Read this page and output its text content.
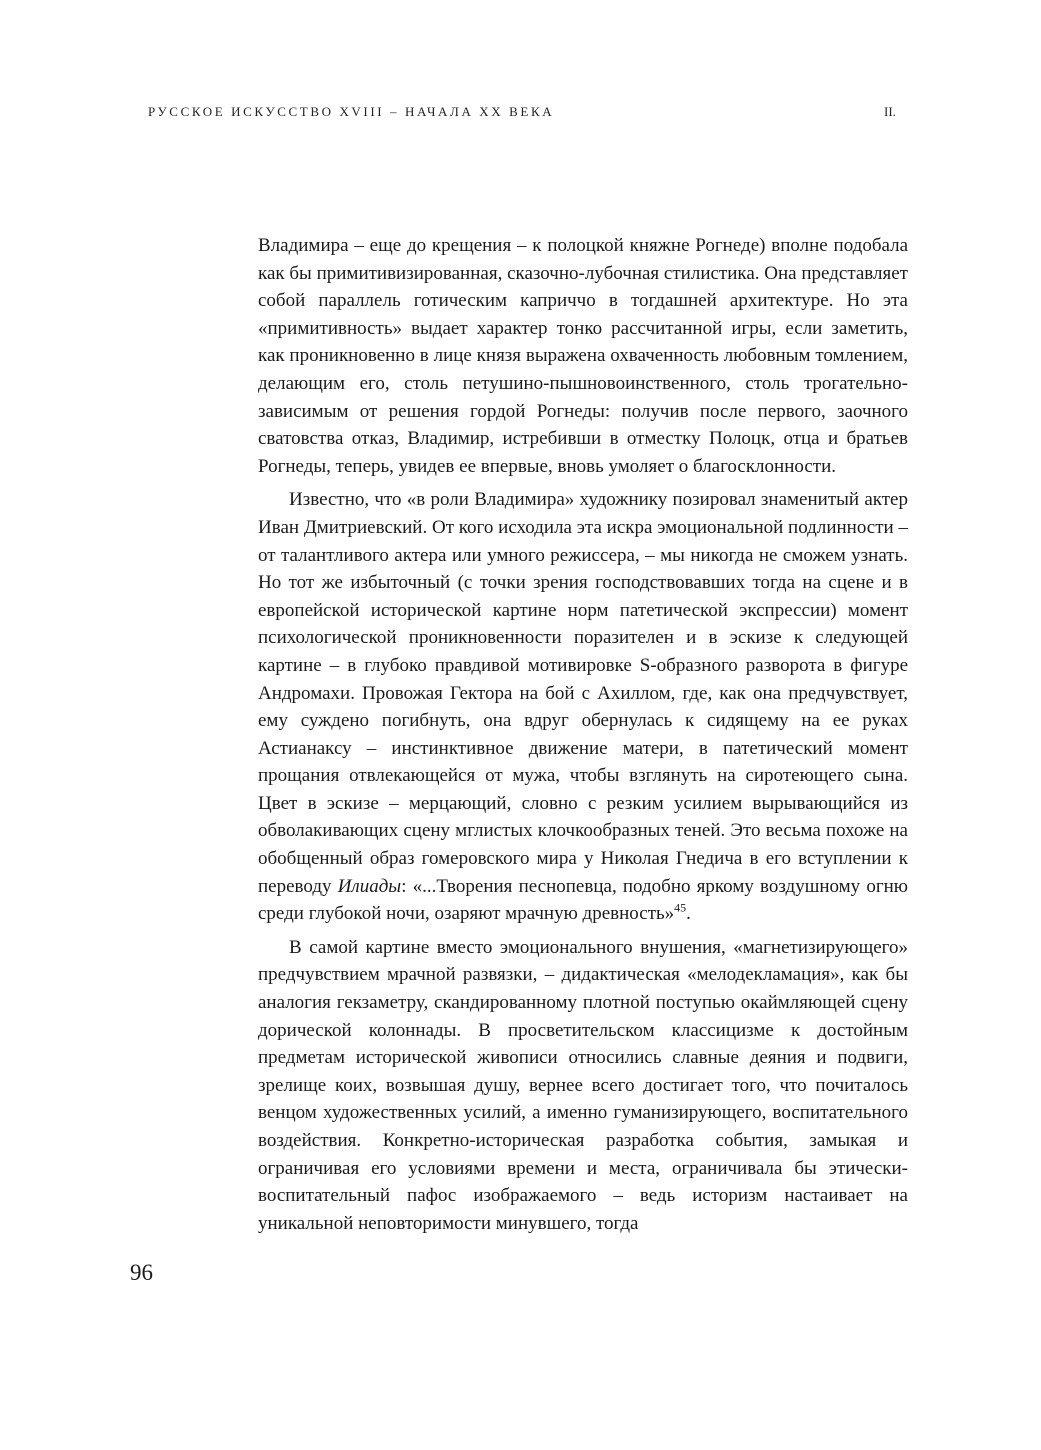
РУССКОЕ ИСКУССТВО XVIII – НАЧАЛА XX ВЕКА	II.

Владимира – еще до крещения – к полоцкой княжне Рогнеде) вполне подобала как бы примитивизированная, сказочно-лубочная стилистика. Она представляет собой параллель готическим каприччо в тогдашней архитектуре. Но эта «примитивность» выдает характер тонко рассчитанной игры, если заметить, как проникновенно в лице князя выражена охваченность любовным томлением, делающим его, столь петушино-пышновоинственного, столь трогательно-зависимым от решения гордой Рогнеды: получив после первого, заочного сватовства отказ, Владимир, истребивши в отместку Полоцк, отца и братьев Рогнеды, теперь, увидев ее впервые, вновь умоляет о благосклонности.

Известно, что «в роли Владимира» художнику позировал знаменитый актер Иван Дмитриевский. От кого исходила эта искра эмоциональной подлинности – от талантливого актера или умного режиссера, – мы никогда не сможем узнать. Но тот же избыточный (с точки зрения господствовавших тогда на сцене и в европейской исторической картине норм патетической экспрессии) момент психологической проникновенности поразителен и в эскизе к следующей картине – в глубоко правдивой мотивировке S-образного разворота в фигуре Андромахи. Провожая Гектора на бой с Ахиллом, где, как она предчувствует, ему суждено погибнуть, она вдруг обернулась к сидящему на ее руках Астианаксу – инстинктивное движение матери, в патетический момент прощания отвлекающейся от мужа, чтобы взглянуть на сиротеющего сына. Цвет в эскизе – мерцающий, словно с резким усилием вырывающийся из обволакивающих сцену мглистых клочкообразных теней. Это весьма похоже на обобщенный образ гомеровского мира у Николая Гнедича в его вступлении к переводу Илиады: «...Творения песнопевца, подобно яркому воздушному огню среди глубокой ночи, озаряют мрачную древность»$^{45}$.

В самой картине вместо эмоционального внушения, «магнетизирующего» предчувствием мрачной развязки, – дидактическая «мелодекламация», как бы аналогия гекзаметру, скандированному плотной поступью окаймляющей сцену дорической колоннады. В просветительском классицизме к достойным предметам исторической живописи относились славные деяния и подвиги, зрелище коих, возвышая душу, вернее всего достигает того, что почиталось венцом художественных усилий, а именно гуманизирующего, воспитательного воздействия. Конкретно-историческая разработка события, замыкая и ограничивая его условиями времени и места, ограничивала бы этически-воспитательный пафос изображаемого – ведь историзм настаивает на уникальной неповторимости минувшего, тогда

96
